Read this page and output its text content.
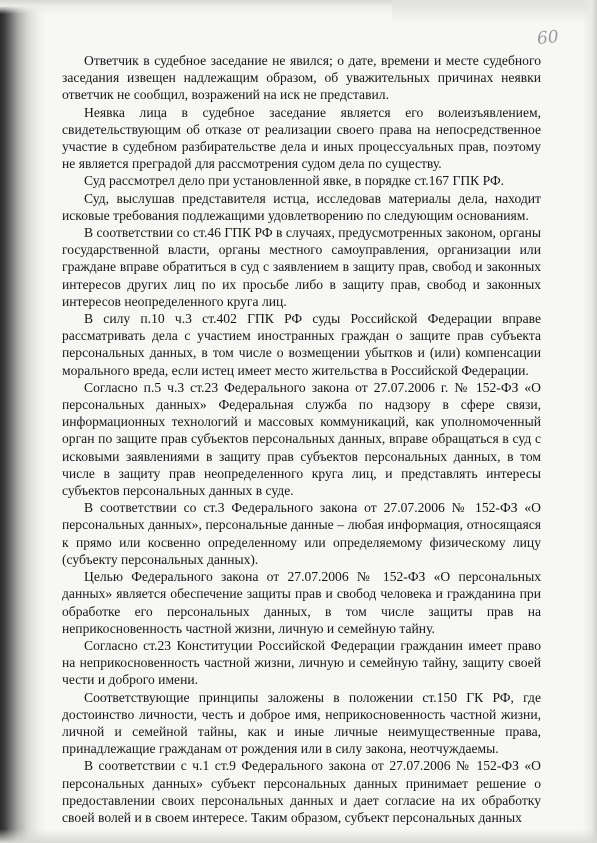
60

Ответчик в судебное заседание не явился; о дате, времени и месте судебного заседания извещен надлежащим образом, об уважительных причинах неявки ответчик не сообщил, возражений на иск не представил.

Неявка лица в судебное заседание является его волеизъявлением, свидетельствующим об отказе от реализации своего права на непосредственное участие в судебном разбирательстве дела и иных процессуальных прав, поэтому не является преградой для рассмотрения судом дела по существу.

Суд рассмотрел дело при установленной явке, в порядке ст.167 ГПК РФ.

Суд, выслушав представителя истца, исследовав материалы дела, находит исковые требования подлежащими удовлетворению по следующим основаниям.

В соответствии со ст.46 ГПК РФ в случаях, предусмотренных законом, органы государственной власти, органы местного самоуправления, организации или граждане вправе обратиться в суд с заявлением в защиту прав, свобод и законных интересов других лиц по их просьбе либо в защиту прав, свобод и законных интересов неопределенного круга лиц.

В силу п.10 ч.3 ст.402 ГПК РФ суды Российской Федерации вправе рассматривать дела с участием иностранных граждан о защите прав субъекта персональных данных, в том числе о возмещении убытков и (или) компенсации морального вреда, если истец имеет место жительства в Российской Федерации.

Согласно п.5 ч.3 ст.23 Федерального закона от 27.07.2006 г. № 152-ФЗ «О персональных данных» Федеральная служба по надзору в сфере связи, информационных технологий и массовых коммуникаций, как уполномоченный орган по защите прав субъектов персональных данных, вправе обращаться в суд с исковыми заявлениями в защиту прав субъектов персональных данных, в том числе в защиту прав неопределенного круга лиц, и представлять интересы субъектов персональных данных в суде.

В соответствии со ст.3 Федерального закона от 27.07.2006 № 152-ФЗ «О персональных данных», персональные данные – любая информация, относящаяся к прямо или косвенно определенному или определяемому физическому лицу (субъекту персональных данных).

Целью Федерального закона от 27.07.2006 № 152-ФЗ «О персональных данных» является обеспечение защиты прав и свобод человека и гражданина при обработке его персональных данных, в том числе защиты прав на неприкосновенность частной жизни, личную и семейную тайну.

Согласно ст.23 Конституции Российской Федерации гражданин имеет право на неприкосновенность частной жизни, личную и семейную тайну, защиту своей чести и доброго имени.

Соответствующие принципы заложены в положении ст.150 ГК РФ, где достоинство личности, честь и доброе имя, неприкосновенность частной жизни, личной и семейной тайны, как и иные личные неимущественные права, принадлежащие гражданам от рождения или в силу закона, неотчуждаемы.

В соответствии с ч.1 ст.9 Федерального закона от 27.07.2006 № 152-ФЗ «О персональных данных» субъект персональных данных принимает решение о предоставлении своих персональных данных и дает согласие на их обработку своей волей и в своем интересе. Таким образом, субъект персональных данных
